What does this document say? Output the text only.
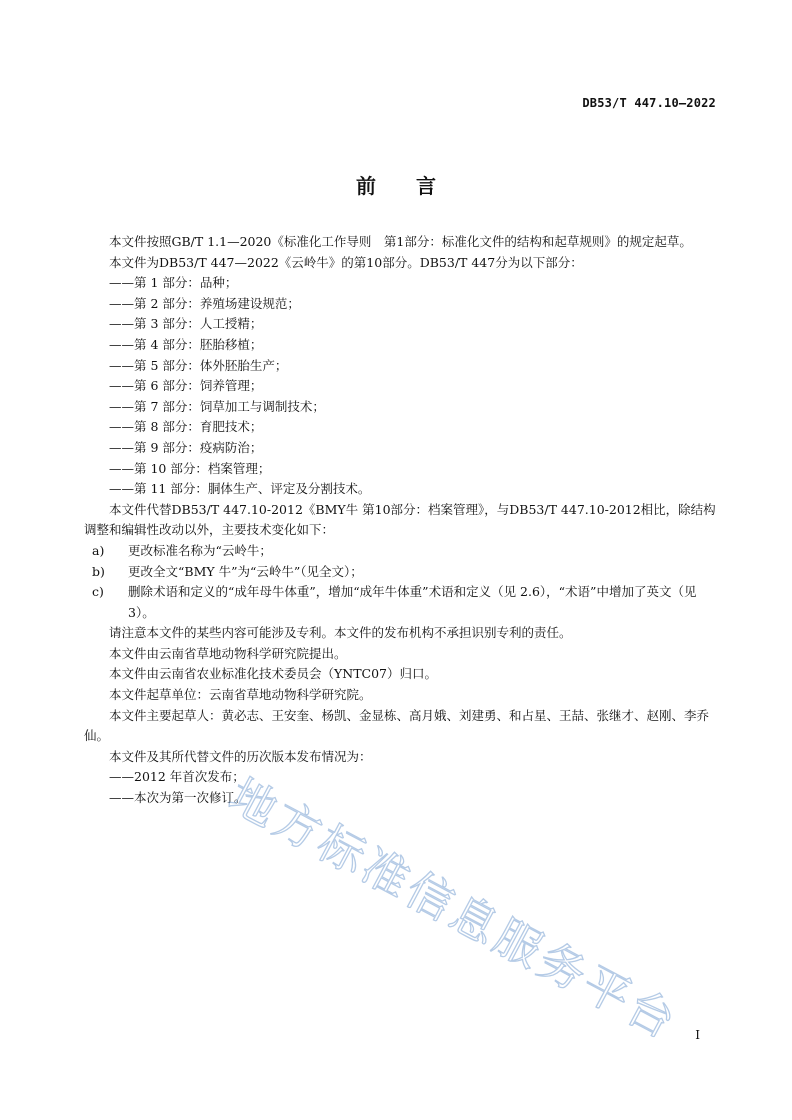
DB53/T 447.10—2022
前言

本文件按照GB/T 1.1—2020《标准化工作导则　第1部分：标准化文件的结构和起草规则》的规定起草。

本文件为DB53/T 447—2022《云岭牛》的第10部分。DB53/T 447分为以下部分：

——第 1 部分：品种；

——第 2 部分：养殖场建设规范；

——第 3 部分：人工授精；

——第 4 部分：胚胎移植；

——第 5 部分：体外胚胎生产；

——第 6 部分：饲养管理；

——第 7 部分：饲草加工与调制技术；

——第 8 部分：育肥技术；

——第 9 部分：疫病防治；

——第 10 部分：档案管理；

——第 11 部分：胴体生产、评定及分割技术。

本文件代替DB53/T 447.10-2012《BMY牛 第10部分：档案管理》，与DB53/T 447.10-2012相比，除结构调整和编辑性改动以外，主要技术变化如下：

a)	更改标准名称为“云岭牛；
b)	更改全文“BMY 牛”为“云岭牛”（见全文）；
c)	删除术语和定义的“成年母牛体重”，增加“成年牛体重”术语和定义（见 2.6），“术语”中增加了英文（见 3）。

请注意本文件的某些内容可能涉及专利。本文件的发布机构不承担识别专利的责任。

本文件由云南省草地动物科学研究院提出。

本文件由云南省农业标准化技术委员会（YNTC07）归口。

本文件起草单位：云南省草地动物科学研究院。

本文件主要起草人：黄必志、王安奎、杨凯、金显栋、高月娥、刘建勇、和占星、王喆、张继才、赵刚、李乔仙。

本文件及其所代替文件的历次版本发布情况为：

——2012 年首次发布；

——本次为第一次修订。

地方标准信息服务平台 I
